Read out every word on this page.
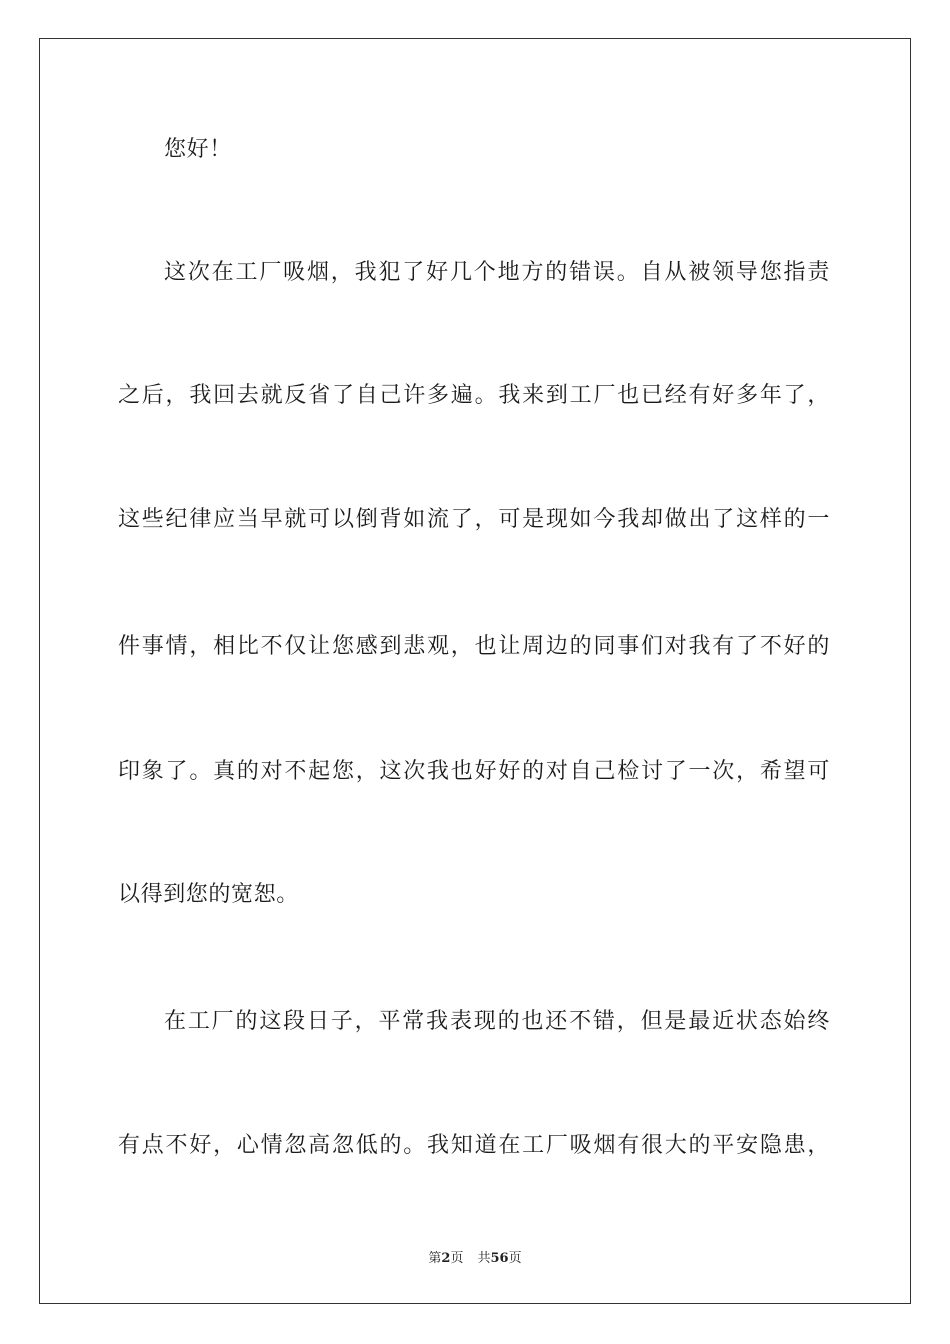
您好！
这次在工厂吸烟，我犯了好几个地方的错误。自从被领导您指责
之后，我回去就反省了自己许多遍。我来到工厂也已经有好多年了，
这些纪律应当早就可以倒背如流了，可是现如今我却做出了这样的一
件事情，相比不仅让您感到悲观，也让周边的同事们对我有了不好的
印象了。真的对不起您，这次我也好好的对自己检讨了一次，希望可
以得到您的宽恕。
在工厂的这段日子，平常我表现的也还不错，但是最近状态始终
有点不好，心情忽高忽低的。我知道在工厂吸烟有很大的平安隐患，
第2页 共56页
